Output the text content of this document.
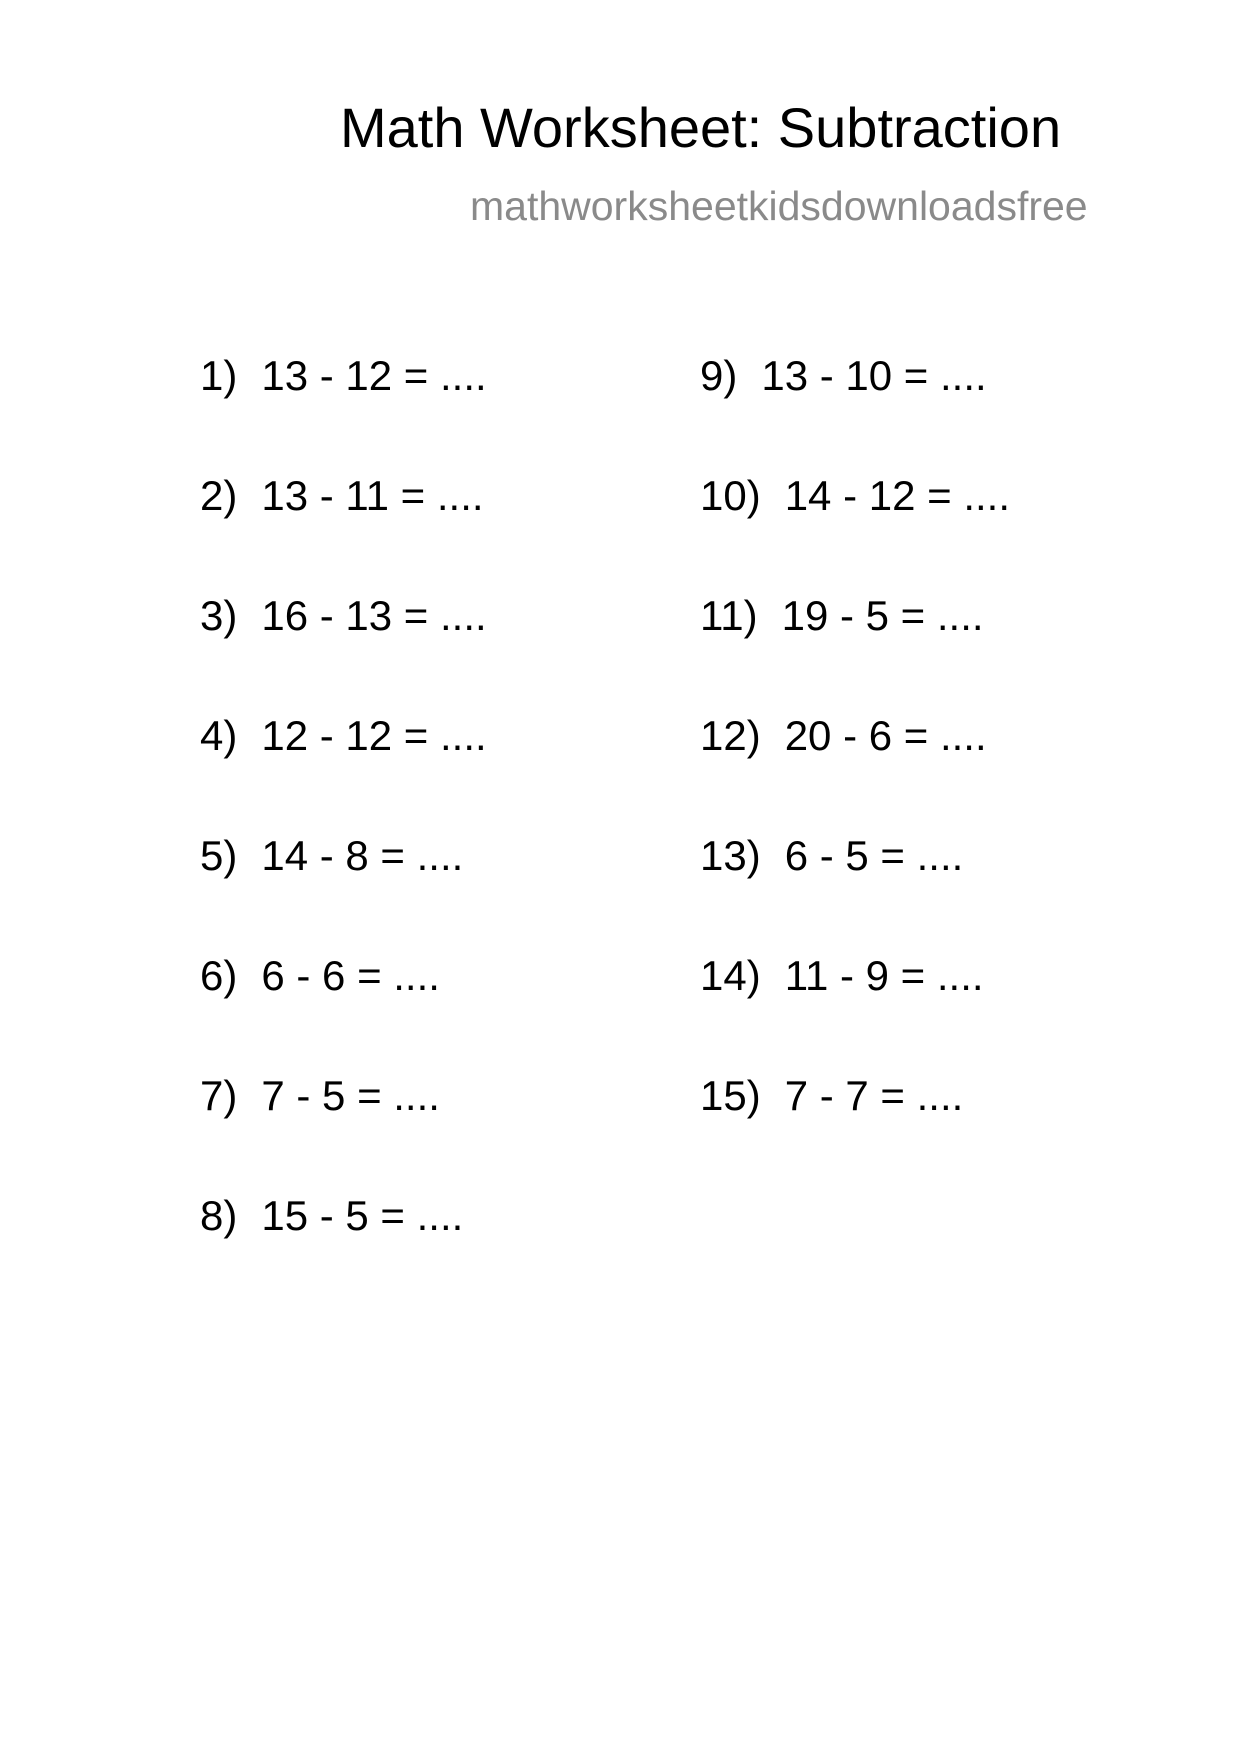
Math Worksheet: Subtraction
mathworksheetkidsdownloadsfree
1) 13 - 12 = ....
2) 13 - 11 = ....
3) 16 - 13 = ....
4) 12 - 12 = ....
5) 14 - 8 = ....
6) 6 - 6 = ....
7) 7 - 5 = ....
8) 15 - 5 = ....
9) 13 - 10 = ....
10) 14 - 12 = ....
11) 19 - 5 = ....
12) 20 - 6 = ....
13) 6 - 5 = ....
14) 11 - 9 = ....
15) 7 - 7 = ....
